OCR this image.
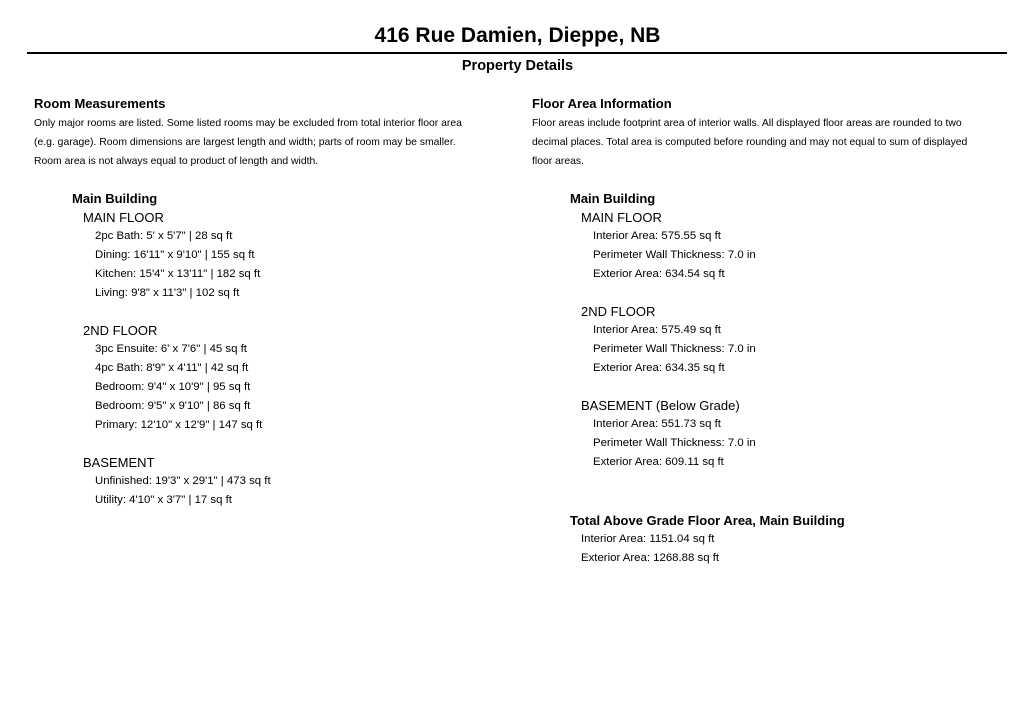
416 Rue Damien, Dieppe, NB
Property Details
Room Measurements
Only major rooms are listed. Some listed rooms may be excluded from total interior floor area
(e.g. garage). Room dimensions are largest length and width; parts of room may be smaller.
Room area is not always equal to product of length and width.
Main Building
MAIN FLOOR
2pc Bath: 5' x 5'7" | 28 sq ft
Dining: 16'11" x 9'10" | 155 sq ft
Kitchen: 15'4" x 13'11" | 182 sq ft
Living: 9'8" x 11'3" | 102 sq ft
2ND FLOOR
3pc Ensuite: 6' x 7'6" | 45 sq ft
4pc Bath: 8'9" x 4'11" | 42 sq ft
Bedroom: 9'4" x 10'9" | 95 sq ft
Bedroom: 9'5" x 9'10" | 86 sq ft
Primary: 12'10" x 12'9" | 147 sq ft
BASEMENT
Unfinished: 19'3" x 29'1" | 473 sq ft
Utility: 4'10" x 3'7" | 17 sq ft
Floor Area Information
Floor areas include footprint area of interior walls. All displayed floor areas are rounded to two
decimal places. Total area is computed before rounding and may not equal to sum of displayed
floor areas.
Main Building
MAIN FLOOR
Interior Area: 575.55 sq ft
Perimeter Wall Thickness: 7.0 in
Exterior Area: 634.54 sq ft
2ND FLOOR
Interior Area: 575.49 sq ft
Perimeter Wall Thickness: 7.0 in
Exterior Area: 634.35 sq ft
BASEMENT (Below Grade)
Interior Area: 551.73 sq ft
Perimeter Wall Thickness: 7.0 in
Exterior Area: 609.11 sq ft
Total Above Grade Floor Area, Main Building
Interior Area: 1151.04 sq ft
Exterior Area: 1268.88 sq ft
